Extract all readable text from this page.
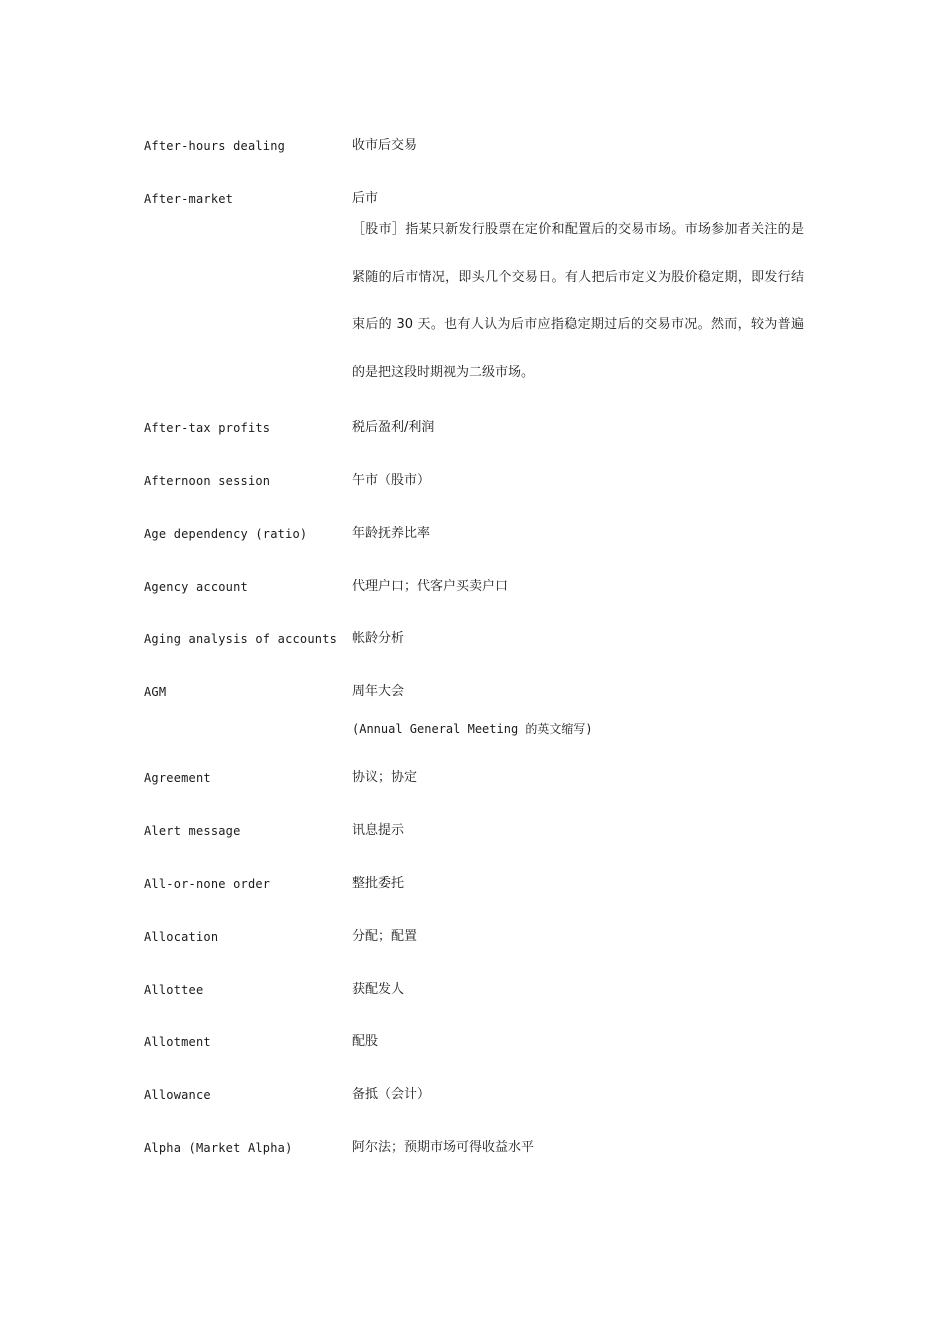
After-hours dealing	收市后交易
After-market	后市
［股市］指某只新发行股票在定价和配置后的交易市场。市场参加者关注的是紧随的后市情况，即头几个交易日。有人把后市定义为股价稳定期，即发行结束后的 30 天。也有人认为后市应指稳定期过后的交易市况。然而，较为普遍的是把这段时期视为二级市场。
After-tax profits	税后盈利/利润
Afternoon session	午市（股市）
Age dependency (ratio)	年龄抚养比率
Agency account	代理户口；代客户买卖户口
Aging analysis of accounts	帐龄分析
AGM	周年大会
(Annual General Meeting 的英文缩写)
Agreement	协议；协定
Alert message	讯息提示
All-or-none order	整批委托
Allocation	分配；配置
Allottee	获配发人
Allotment	配股
Allowance	备抵（会计）
Alpha (Market Alpha)	阿尔法；预期市场可得收益水平
